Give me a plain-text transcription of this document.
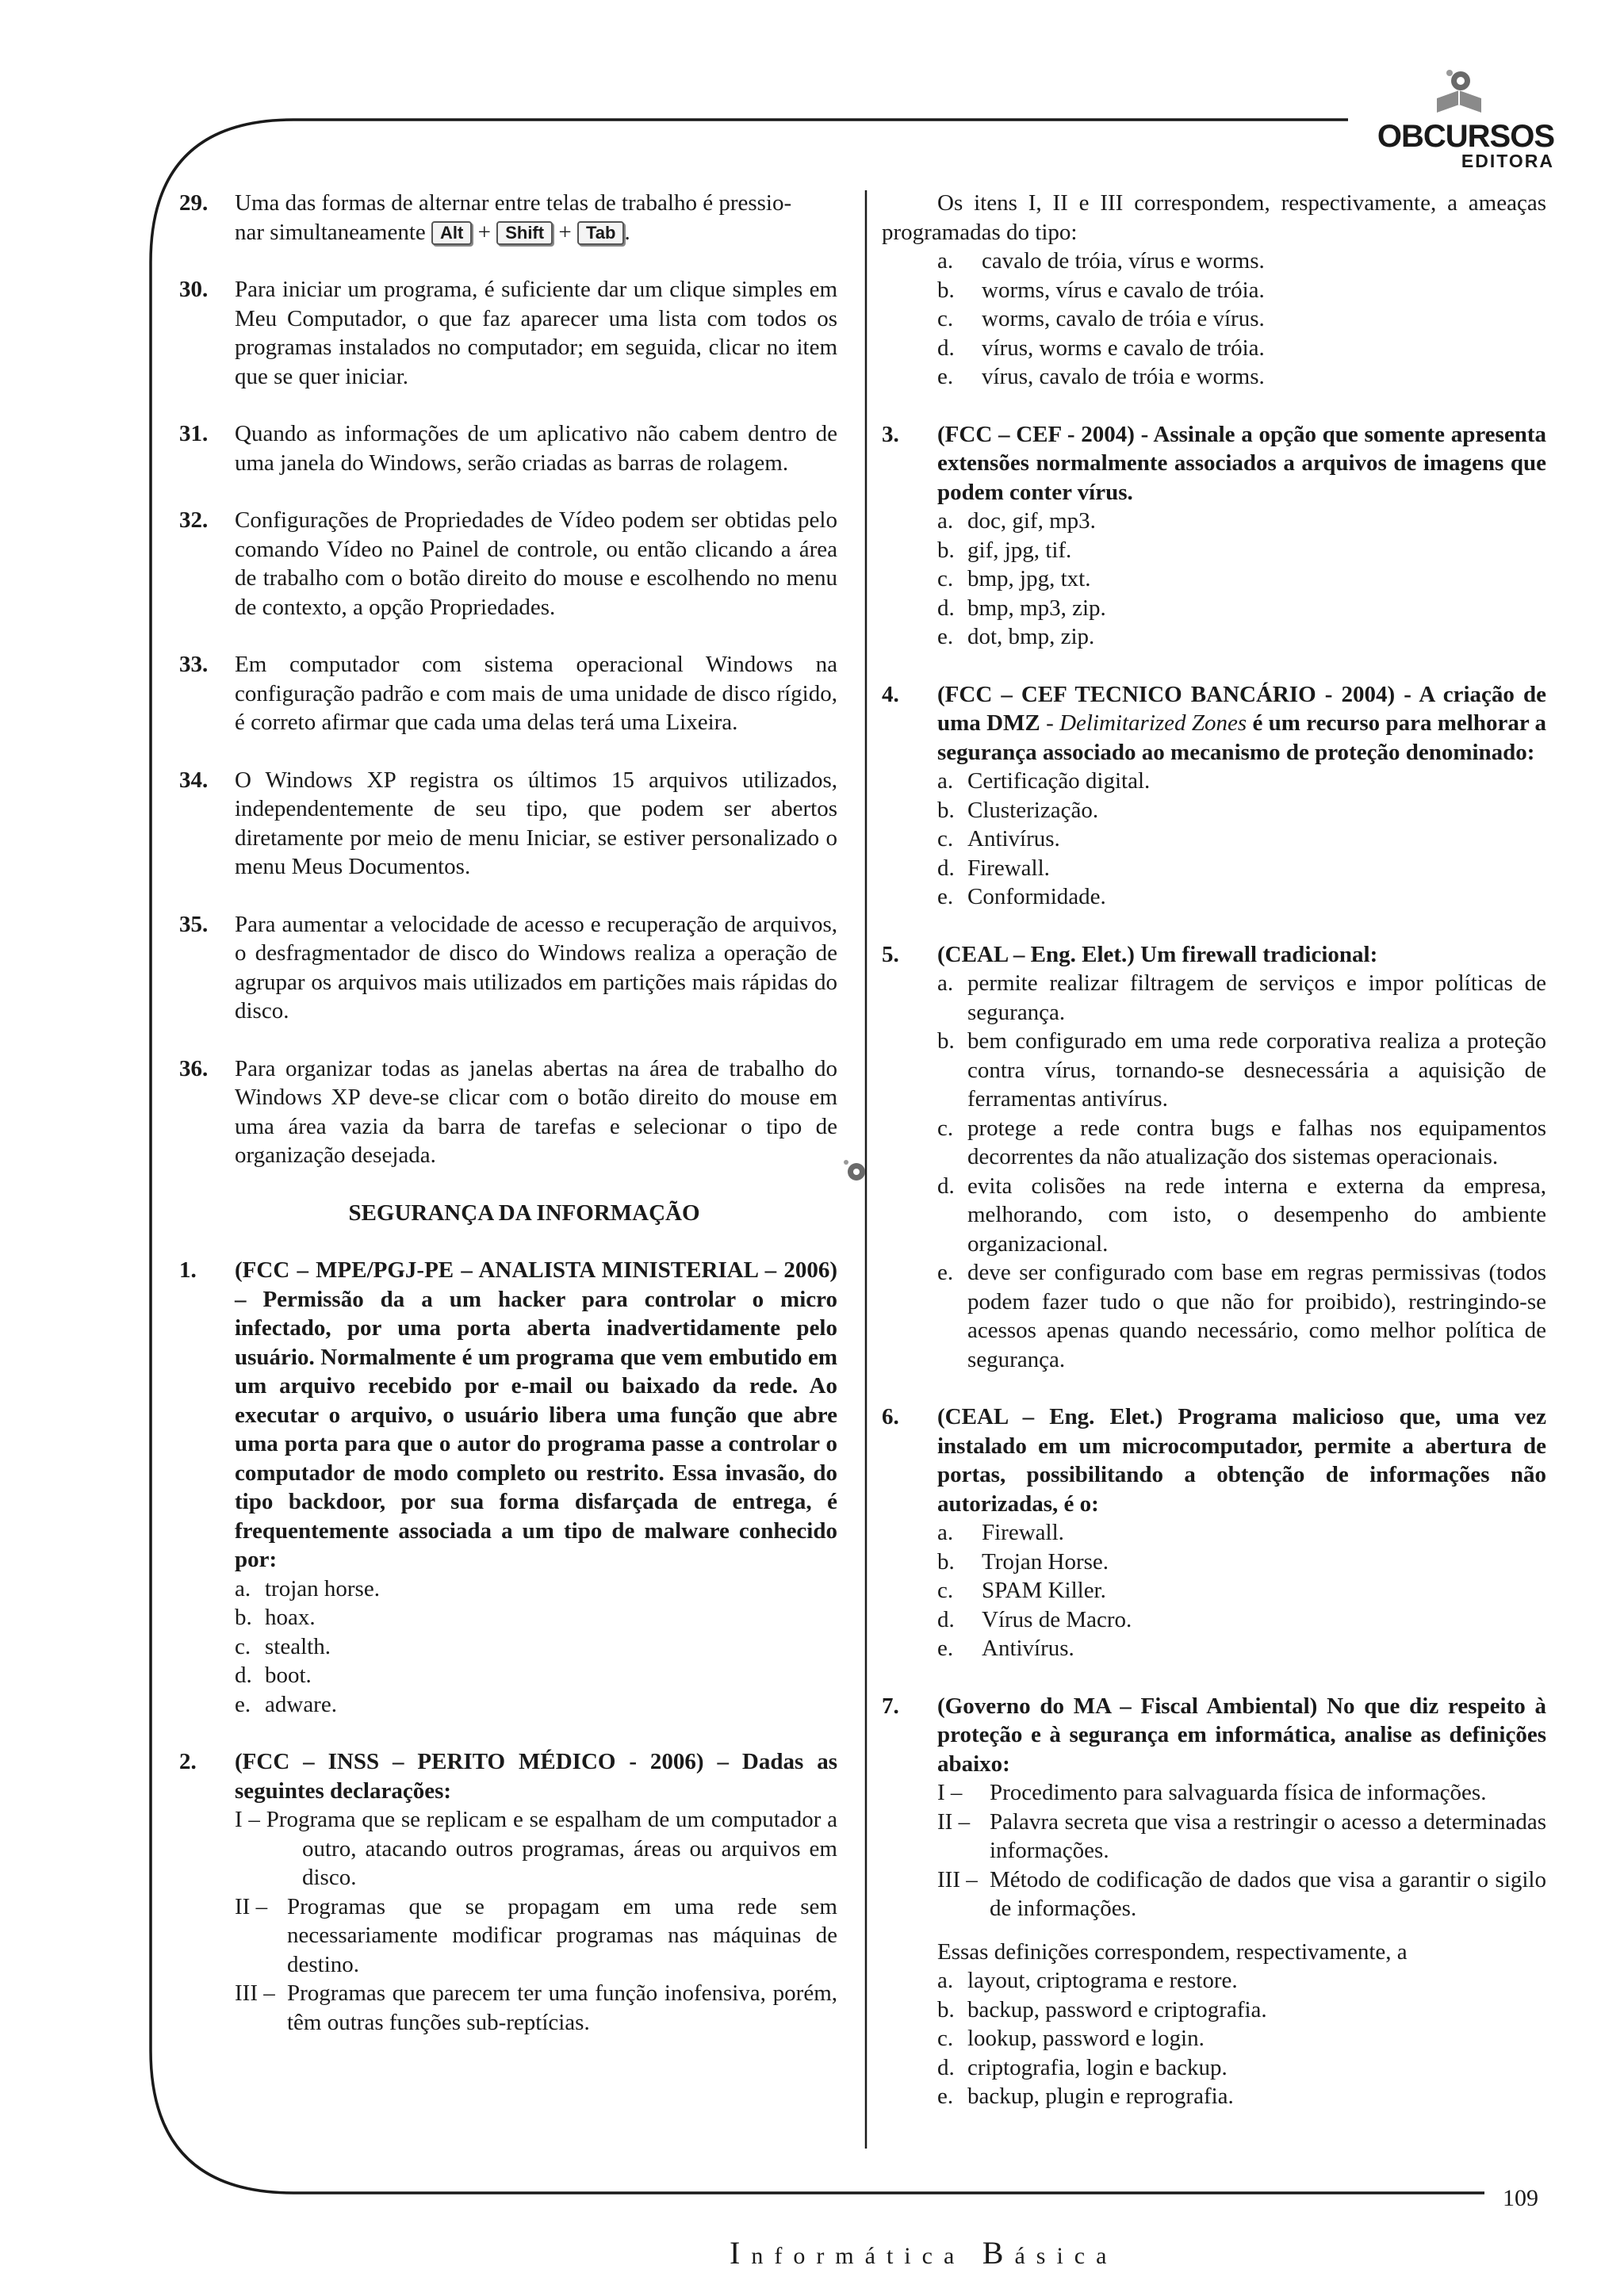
OBCURSOS
EDITORA
29. Uma das formas de alternar entre telas de trabalho é pressio-
nar simultaneamente Alt + Shift + Tab .
30. Para iniciar um programa, é suficiente dar um clique simples em Meu Computador, o que faz aparecer uma lista com todos os programas instalados no computador; em seguida, clicar no item que se quer iniciar.
31. Quando as informações de um aplicativo não cabem dentro de uma janela do Windows, serão criadas as barras de rolagem.
32. Configurações de Propriedades de Vídeo podem ser obtidas pelo comando Vídeo no Painel de controle, ou então clicando a área de trabalho com o botão direito do mouse e escolhendo no menu de contexto, a opção Propriedades.
33. Em computador com sistema operacional Windows na configuração padrão e com mais de uma unidade de disco rígido, é correto afirmar que cada uma delas terá uma Lixeira.
34. O Windows XP registra os últimos 15 arquivos utilizados, independentemente de seu tipo, que podem ser abertos diretamente por meio de menu Iniciar, se estiver personalizado o menu Meus Documentos.
35. Para aumentar a velocidade de acesso e recuperação de arquivos, o desfragmentador de disco do Windows realiza a operação de agrupar os arquivos mais utilizados em partições mais rápidas do disco.
36. Para organizar todas as janelas abertas na área de trabalho do Windows XP deve-se clicar com o botão direito do mouse em uma área vazia da barra de tarefas e selecionar o tipo de organização desejada.
SEGURANÇA DA INFORMAÇÃO
1. (FCC – MPE/PGJ-PE – ANALISTA MINISTERIAL – 2006) – Permissão da a um hacker para controlar o micro infectado, por uma porta aberta inadvertidamente pelo usuário. Normalmente é um programa que vem embutido em um arquivo recebido por e-mail ou baixado da rede. Ao executar o arquivo, o usuário libera uma função que abre uma porta para que o autor do programa passe a controlar o computador de modo completo ou restrito. Essa invasão, do tipo backdoor, por sua forma disfarçada de entrega, é frequentemente associada a um tipo de malware conhecido por:
a. trojan horse.
b. hoax.
c. stealth.
d. boot.
e. adware.
2. (FCC – INSS – PERITO MÉDICO - 2006) – Dadas as seguintes declarações:
I – Programa que se replicam e se espalham de um computador a outro, atacando outros programas, áreas ou arquivos em disco.
II – Programas que se propagam em uma rede sem necessariamente modificar programas nas máquinas de destino.
III – Programas que parecem ter uma função inofensiva, porém, têm outras funções sub-reptícias.
Os itens I, II e III correspondem, respectivamente, a ameaças programadas do tipo:
a.	cavalo de tróia, vírus e worms.
b.	worms, vírus e cavalo de tróia.
c.	worms, cavalo de tróia e vírus.
d.	vírus, worms e cavalo de tróia.
e.	vírus, cavalo de tróia e worms.
3. (FCC – CEF - 2004) - Assinale a opção que somente apresenta extensões normalmente associados a arquivos de imagens que podem conter vírus.
a. doc, gif, mp3.
b. gif, jpg, tif.
c. bmp, jpg, txt.
d. bmp, mp3, zip.
e. dot, bmp, zip.
4. (FCC – CEF TECNICO BANCÁRIO - 2004) - A criação de uma DMZ - Delimitarized Zones é um recurso para melhorar a segurança associado ao mecanismo de proteção denominado:
a. Certificação digital.
b. Clusterização.
c. Antivírus.
d. Firewall.
e. Conformidade.
5. (CEAL – Eng. Elet.) Um firewall tradicional:
a. permite realizar filtragem de serviços e impor políticas de segurança.
b. bem configurado em uma rede corporativa realiza a proteção contra vírus, tornando-se desnecessária a aquisição de ferramentas antivírus.
c. protege a rede contra bugs e falhas nos equipamentos decorrentes da não atualização dos sistemas operacionais.
d. evita colisões na rede interna e externa da empresa, melhorando, com isto, o desempenho do ambiente organizacional.
e. deve ser configurado com base em regras permissivas (todos podem fazer tudo o que não for proibido), restringindo-se acessos apenas quando necessário, como melhor política de segurança.
6. (CEAL – Eng. Elet.) Programa malicioso que, uma vez instalado em um microcomputador, permite a abertura de portas, possibilitando a obtenção de informações não autorizadas, é o:
a.	Firewall.
b.	Trojan Horse.
c.	SPAM Killer.
d.	Vírus de Macro.
e.	Antivírus.
7. (Governo do MA – Fiscal Ambiental) No que diz respeito à proteção e à segurança em informática, analise as definições abaixo:
I –	Procedimento para salvaguarda física de informações.
II – Palavra secreta que visa a restringir o acesso a determinadas informações.
III – Método de codificação de dados que visa a garantir o sigilo de informações.
Essas definições correspondem, respectivamente, a
a. layout, criptograma e restore.
b. backup, password e criptografia.
c. lookup, password e login.
d. criptografia, login e backup.
e. backup, plugin e reprografia.
109
Informática Básica
